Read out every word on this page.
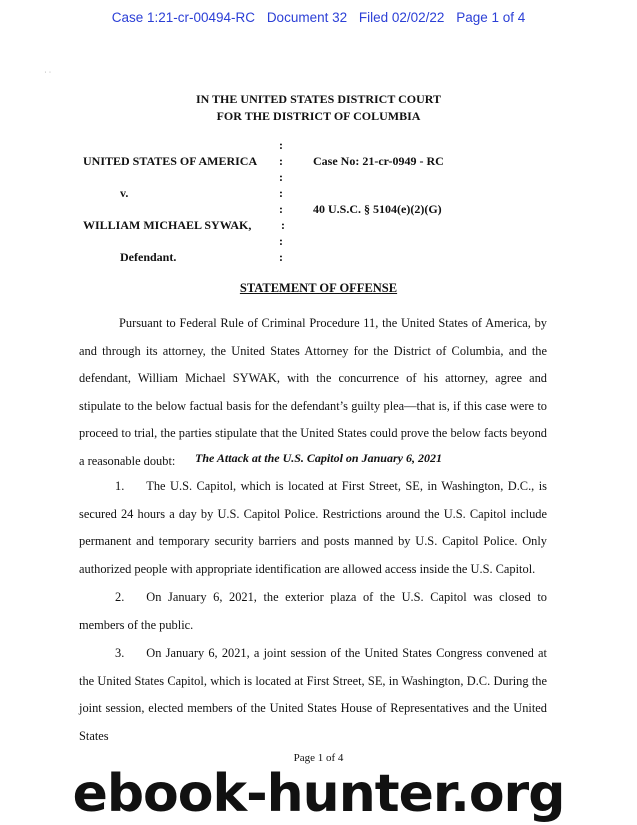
Case 1:21-cr-00494-RC Document 32 Filed 02/02/22 Page 1 of 4
˙ ˙
IN THE UNITED STATES DISTRICT COURT
FOR THE DISTRICT OF COLUMBIA
UNITED STATES OF AMERICA
v.
WILLIAM MICHAEL SYWAK,
Defendant.
:
:
:
:
:
:
:
:
Case No: 21-cr-0949 - RC
40 U.S.C. § 5104(e)(2)(G)
STATEMENT OF OFFENSE
Pursuant to Federal Rule of Criminal Procedure 11, the United States of America, by and through its attorney, the United States Attorney for the District of Columbia, and the defendant, William Michael SYWAK, with the concurrence of his attorney, agree and stipulate to the below factual basis for the defendant’s guilty plea—that is, if this case were to proceed to trial, the parties stipulate that the United States could prove the below facts beyond a reasonable doubt:	The Attack at the U.S. Capitol on January 6, 2021
1. The U.S. Capitol, which is located at First Street, SE, in Washington, D.C., is secured 24 hours a day by U.S. Capitol Police. Restrictions around the U.S. Capitol include permanent and temporary security barriers and posts manned by U.S. Capitol Police. Only authorized people with appropriate identification are allowed access inside the U.S. Capitol.
2. On January 6, 2021, the exterior plaza of the U.S. Capitol was closed to members of the public.
3. On January 6, 2021, a joint session of the United States Congress convened at the United States Capitol, which is located at First Street, SE, in Washington, D.C. During the joint session, elected members of the United States House of Representatives and the United States
Page 1 of 4
ebook-hunter.org
